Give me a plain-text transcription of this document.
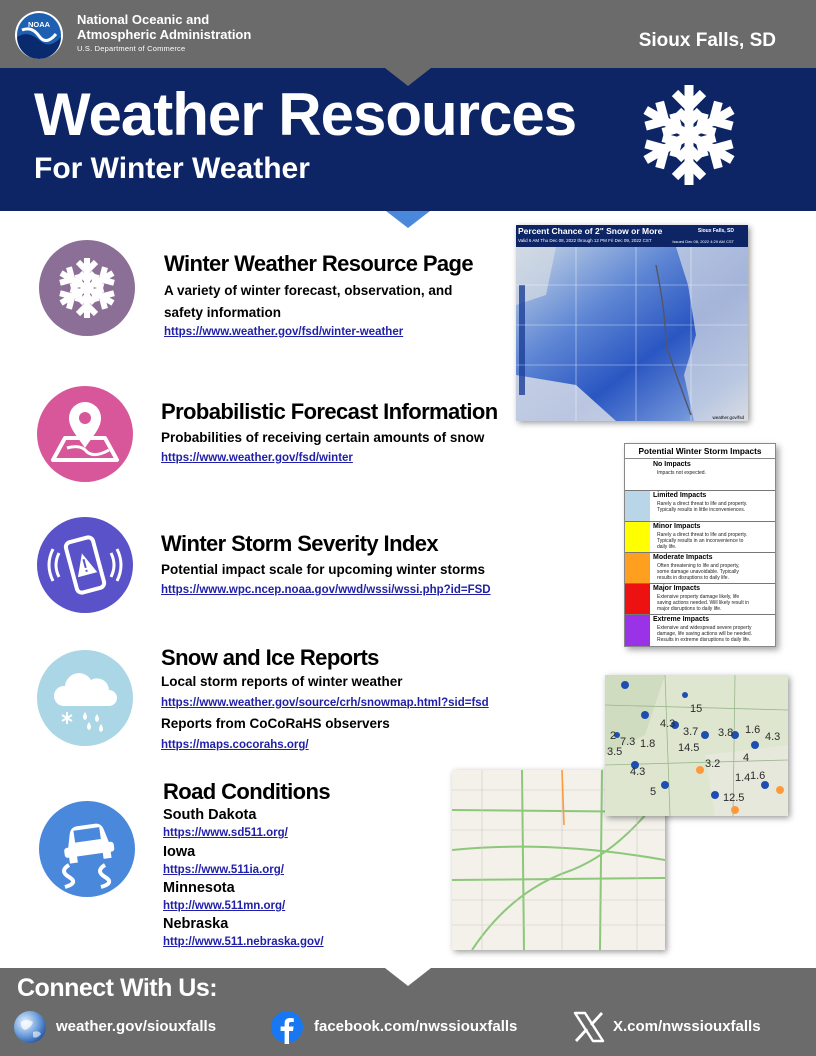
NOAA National Oceanic and
Atmospheric Administration
U.S. Department of Commerce	Sioux Falls, SD
Weather Resources
For Winter Weather
Winter Weather Resource Page
A variety of winter forecast, observation, and
safety information
https://www.weather.gov/fsd/winter-weather
Probabilistic Forecast Information
Probabilities of receiving certain amounts of snow
https://www.weather.gov/fsd/winter
Winter Storm Severity Index
Potential impact scale for upcoming winter storms
https://www.wpc.ncep.noaa.gov/wwd/wssi/wssi.php?id=FSD
Snow and Ice Reports
Local storm reports of winter weather
https://www.weather.gov/source/crh/snowmap.html?sid=fsd
Reports from CoCoRaHS observers
https://maps.cocorahs.org/
Road Conditions
South Dakota
https://www.sd511.org/
Iowa
https://www.511ia.org/
Minnesota
http://www.511mn.org/
Nebraska
http://www.511.nebraska.gov/
Percent Chance of 2" Snow or More
Valid 6 AM Thu Dec 08, 2022 through 12 PM Fri Dec 09, 2022 CST
Sioux Falls, SD
Issued Dec 08, 2022 4:29 AM CST
weather.gov/fsd
Potential Winter Storm Impacts
No Impacts
Impacts not expected.
Limited Impacts
Rarely a direct threat to life and property.
Typically results in little inconveniences.
Minor Impacts
Rarely a direct threat to life and property.
Typically results in an inconvenience to
daily life.
Moderate Impacts
Often threatening to life and property,
some damage unavoidable. Typically
results in disruptions to daily life.
Major Impacts
Extensive property damage likely, life
saving actions needed. Will likely result in
major disruptions to daily life.
Extreme Impacts
Extensive and widespread severe property
damage, life saving actions will be needed.
Results in extreme disruptions to daily life.
15
4.3
3.7
2 7.3 1.8 14.5
3.5
4.3
3.2 4
3.8 1.6
4.3
1.4 1.6
12.5
5
Connect With Us:
weather.gov/siouxfalls	facebook.com/nwssiouxfalls	X.com/nwssiouxfalls
